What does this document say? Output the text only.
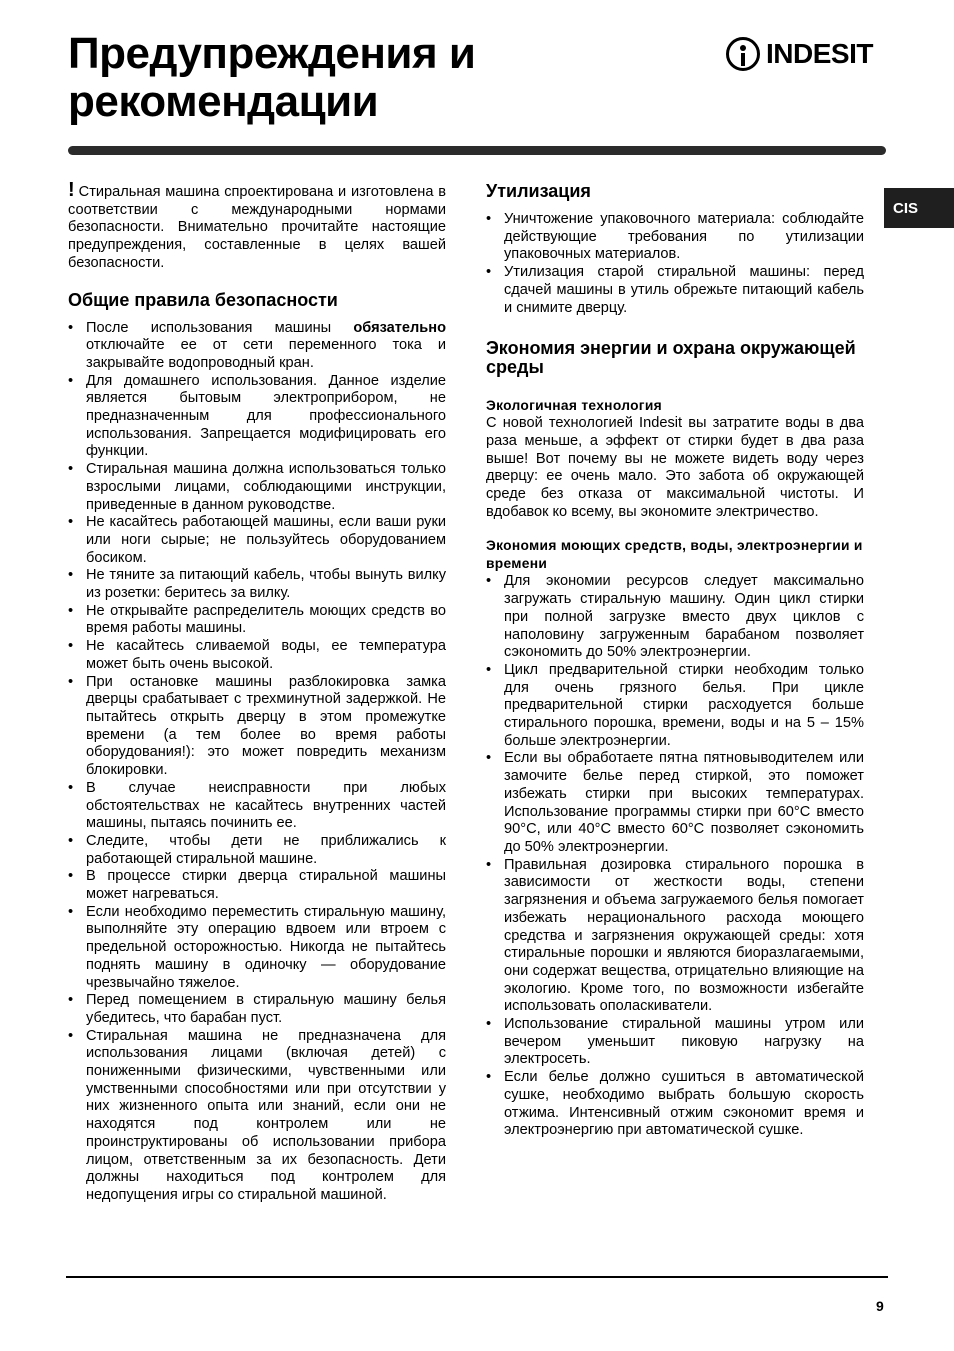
Предупреждения и
рекомендации
INDESIT
CIS

! Стиральная машина спроектирована и изготовлена в соответствии с международными нормами безопасности. Внимательно прочитайте настоящие предупреждения, составленные в целях вашей безопасности.

Общие правила безопасности
• После использования машины обязательно отключайте ее от сети переменного тока и закрывайте водопроводный кран.
• Для домашнего использования. Данное изделие является бытовым электроприбором, не предназначенным для профессионального использования. Запрещается модифицировать его функции.
• Стиральная машина должна использоваться только взрослыми лицами, соблюдающими инструкции, приведенные в данном руководстве.
• Не касайтесь работающей машины, если ваши руки или ноги сырые; не пользуйтесь оборудованием босиком.
• Не тяните за питающий кабель, чтобы вынуть вилку из розетки: беритесь за вилку.
• Не открывайте распределитель моющих средств во время работы машины.
• Не касайтесь сливаемой воды, ее температура может быть очень высокой.
• При остановке машины разблокировка замка дверцы срабатывает с трехминутной задержкой. Не пытайтесь открыть дверцу в этом промежутке времени (а тем более во время работы оборудования!): это может повредить механизм блокировки.
• В случае неисправности при любых обстоятельствах не касайтесь внутренних частей машины, пытаясь починить ее.
• Следите, чтобы дети не приближались к работающей стиральной машине.
• В процессе стирки дверца стиральной машины может нагреваться.
• Если необходимо переместить стиральную машину, выполняйте эту операцию вдвоем или втроем с предельной осторожностью. Никогда не пытайтесь поднять машину в одиночку — оборудование чрезвычайно тяжелое.
• Перед помещением в стиральную машину белья убедитесь, что барабан пуст.
• Стиральная машина не предназначена для использования лицами (включая детей) с пониженными физическими, чувственными или умственными способностями или при отсутствии у них жизненного опыта или знаний, если они не находятся под контролем или не проинструктированы об использовании прибора лицом, ответственным за их безопасность. Дети должны находиться под контролем для недопущения игры со стиральной машиной.
Утилизация
• Уничтожение упаковочного материала: соблюдайте действующие требования по утилизации упаковочных материалов.
• Утилизация старой стиральной машины: перед сдачей машины в утиль обрежьте питающий кабель и снимите дверцу.
Экономия энергии и охрана окружающей среды
Экологичная технология

С новой технологией Indesit вы затратите воды в два раза меньше, а эффект от стирки будет в два раза выше! Вот почему вы не можете видеть воду через дверцу: ее очень мало. Это забота об окружающей среде без отказа от максимальной чистоты. И вдобавок ко всему, вы экономите электричество.

Экономия моющих средств, воды, электроэнергии и времени
• Для экономии ресурсов следует максимально загружать стиральную машину. Один цикл стирки при полной загрузке вместо двух циклов с наполовину загруженным барабаном позволяет сэкономить до 50% электроэнергии.
• Цикл предварительной стирки необходим только для очень грязного белья. При цикле предварительной стирки расходуется больше стирального порошка, времени, воды и на 5 – 15% больше электроэнергии.
• Если вы обработаете пятна пятновыводителем или замочите белье перед стиркой, это поможет избежать стирки при высоких температурах. Использование программы стирки при 60°C вместо 90°C, или 40°C вместо 60°C позволяет сэкономить до 50% электроэнергии.
• Правильная дозировка стирального порошка в зависимости от жесткости воды, степени загрязнения и объема загружаемого белья помогает избежать нерационального расхода моющего средства и загрязнения окружающей среды: хотя стиральные порошки и являются биоразлагаемыми, они содержат вещества, отрицательно влияющие на экологию. Кроме того, по возможности избегайте использовать ополаскиватели.
• Использование стиральной машины утром или вечером уменьшит пиковую нагрузку на электросеть.
• Если белье должно сушиться в автоматической сушке, необходимо выбрать большую скорость отжима. Интенсивный отжим сэкономит время и электроэнергию при автоматической сушке.
9
